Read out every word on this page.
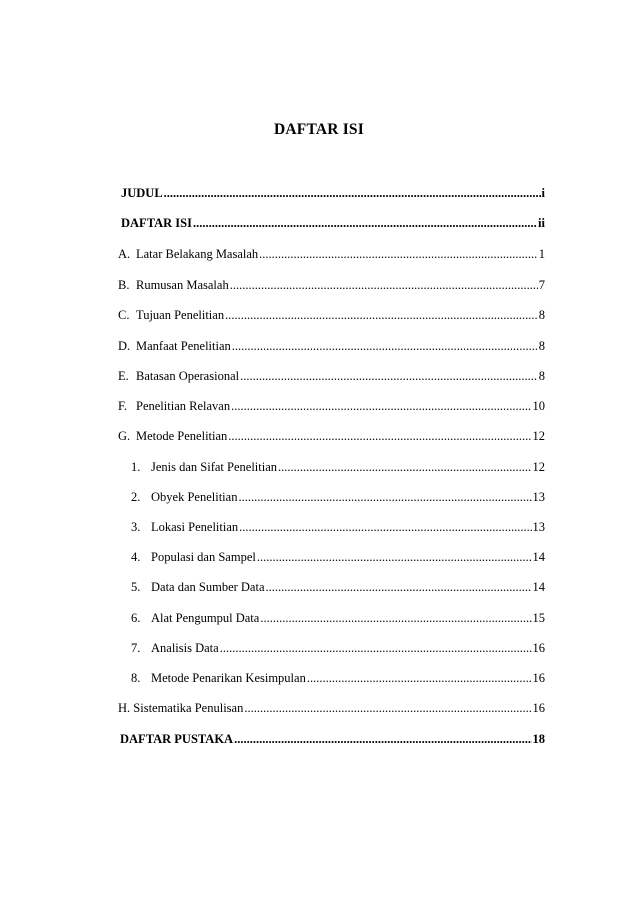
DAFTAR ISI
JUDUL .....	i
DAFTAR ISI .....	ii
A. Latar Belakang Masalah .....	1
B. Rumusan Masalah .....	7
C. Tujuan Penelitian .....	8
D. Manfaat Penelitian .....	8
E. Batasan Operasional .....	8
F. Penelitian Relavan .....	10
G. Metode Penelitian .....	12
1. Jenis dan Sifat Penelitian .....	12
2. Obyek Penelitian .....	13
3. Lokasi Penelitian .....	13
4. Populasi dan Sampel .....	14
5. Data dan Sumber Data .....	14
6. Alat Pengumpul Data .....	15
7. Analisis Data .....	16
8. Metode Penarikan Kesimpulan .....	16
H. Sistematika Penulisan .....	16
DAFTAR PUSTAKA .....	18
